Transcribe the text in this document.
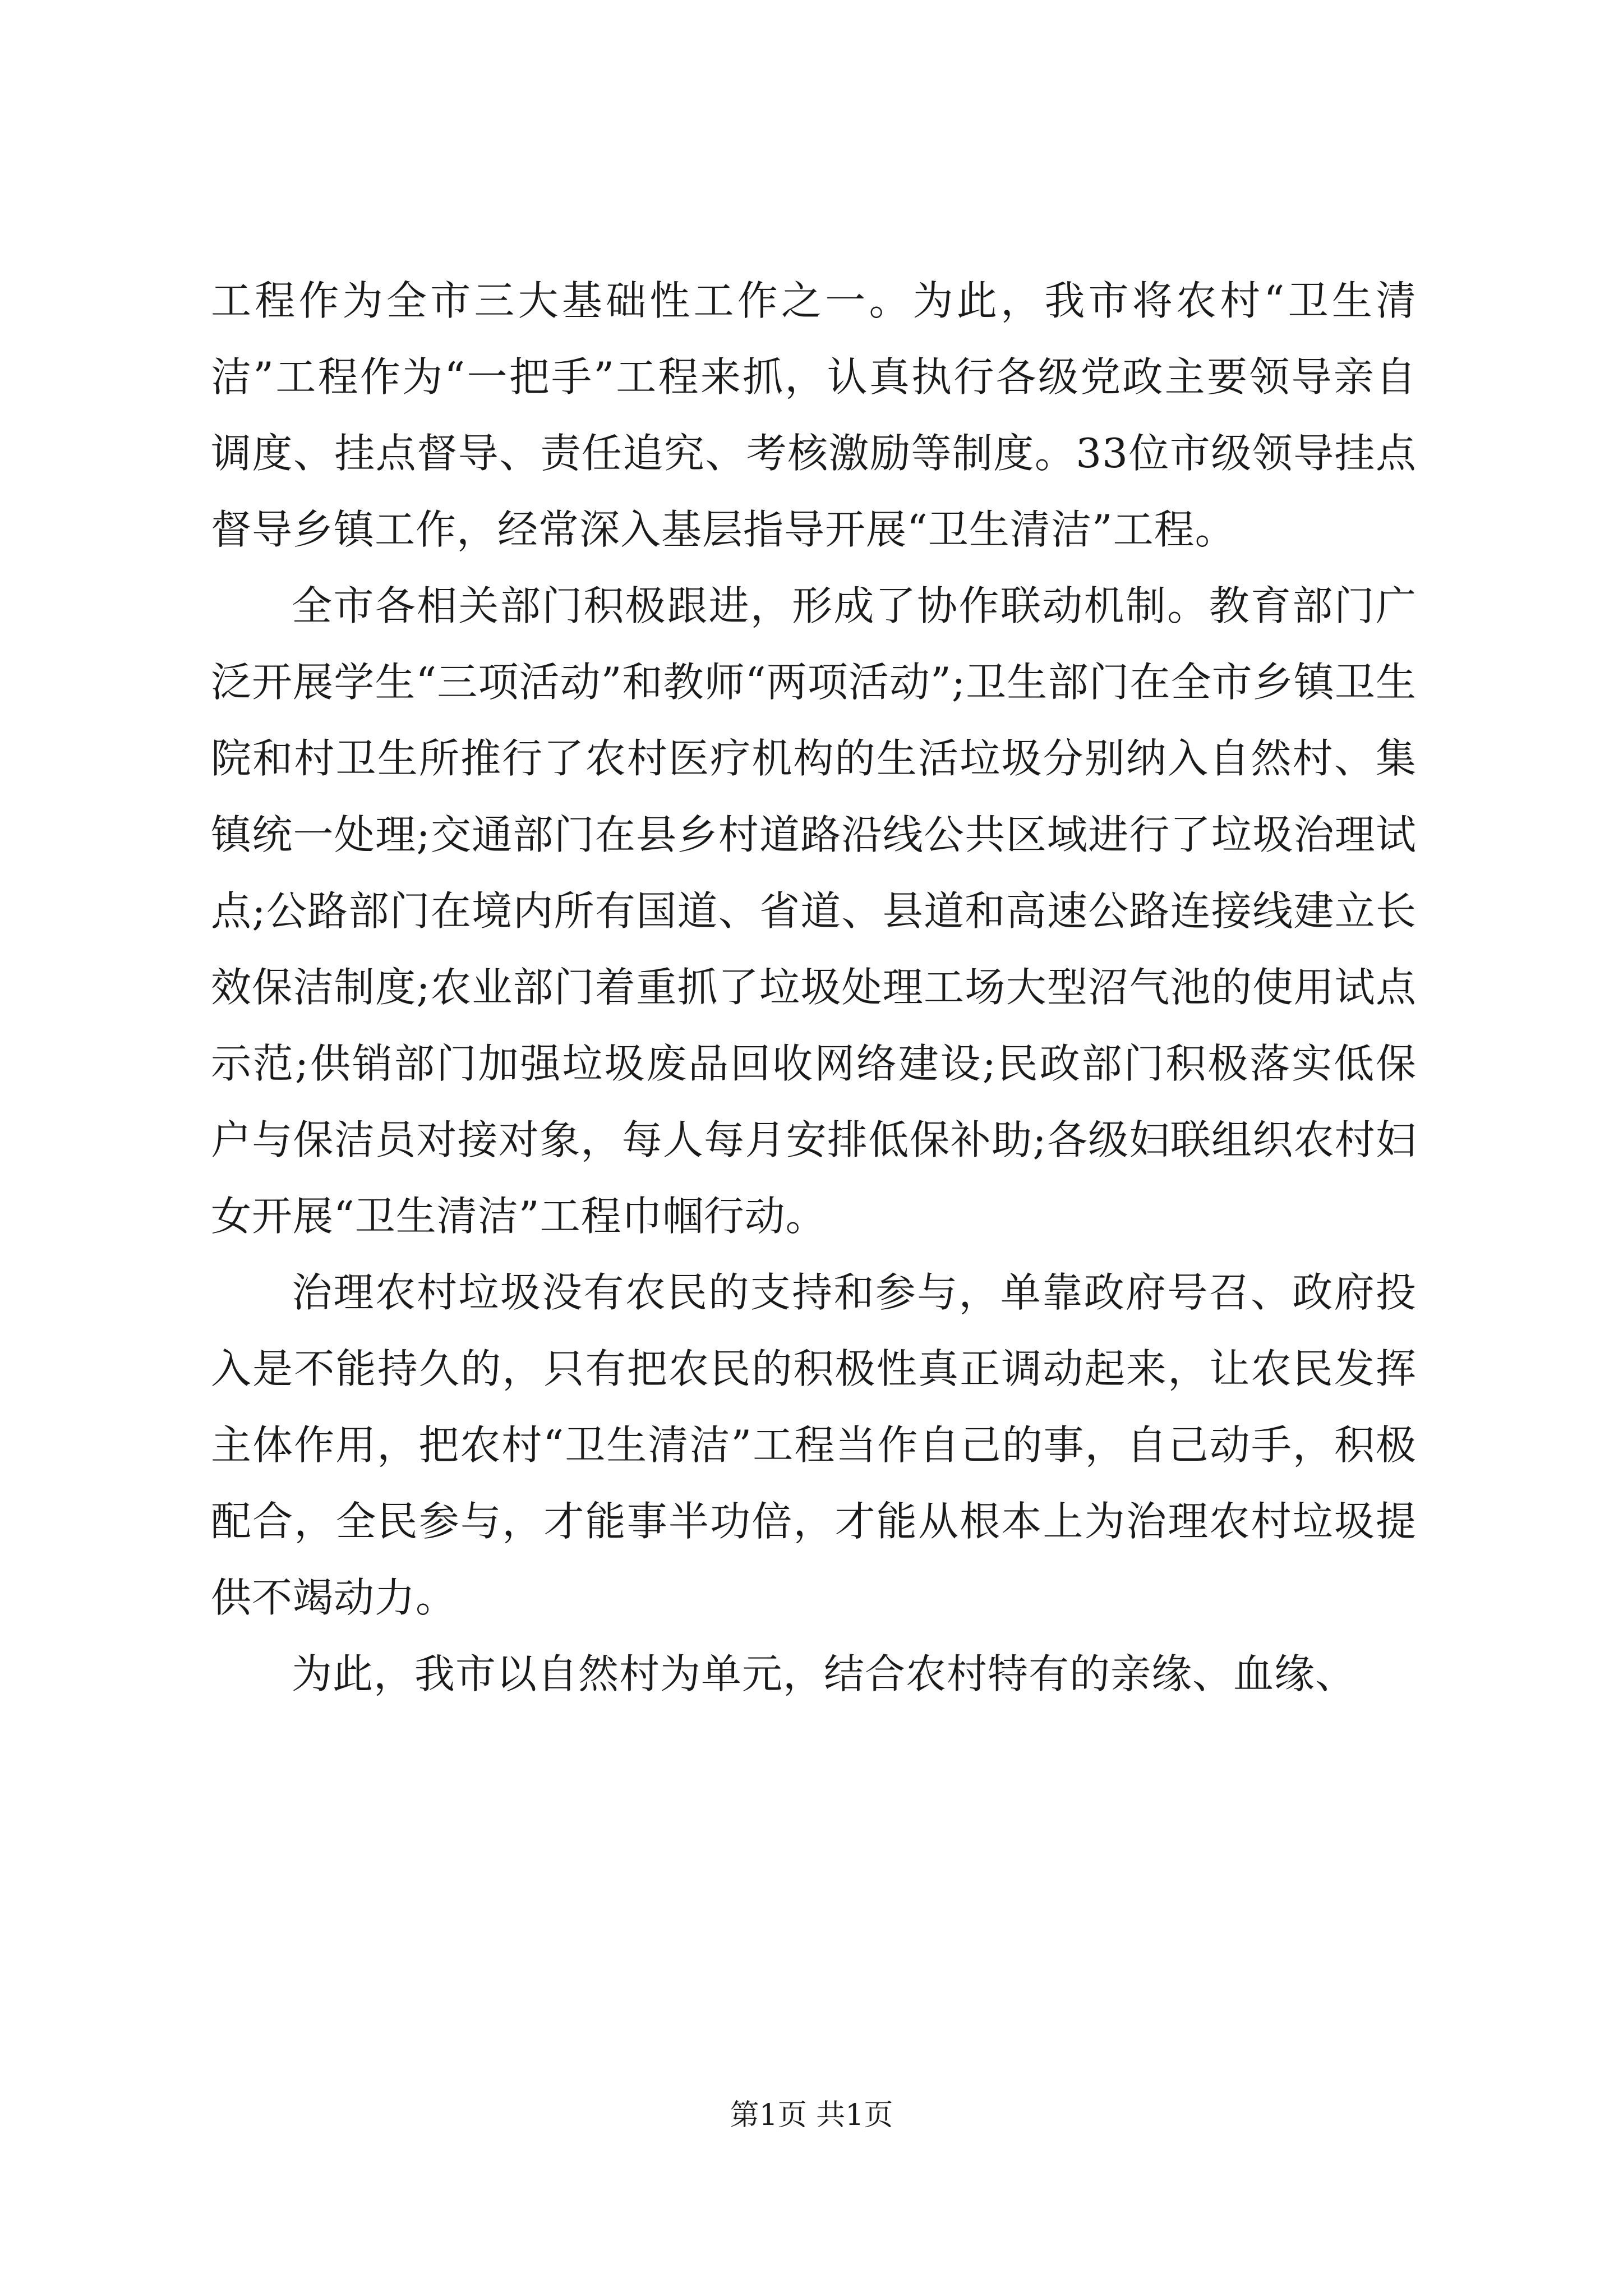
工程作为全市三大基础性工作之一。为此，我市将农村“卫生清洁”工程作为“一把手”工程来抓，认真执行各级党政主要领导亲自调度、挂点督导、责任追究、考核激励等制度。33位市级领导挂点督导乡镇工作，经常深入基层指导开展“卫生清洁”工程。

全市各相关部门积极跟进，形成了协作联动机制。教育部门广泛开展学生“三项活动”和教师“两项活动”;卫生部门在全市乡镇卫生院和村卫生所推行了农村医疗机构的生活垃圾分别纳入自然村、集镇统一处理;交通部门在县乡村道路沿线公共区域进行了垃圾治理试点;公路部门在境内所有国道、省道、县道和高速公路连接线建立长效保洁制度;农业部门着重抓了垃圾处理工场大型沼气池的使用试点示范;供销部门加强垃圾废品回收网络建设;民政部门积极落实低保户与保洁员对接对象，每人每月安排低保补助;各级妇联组织农村妇女开展“卫生清洁”工程巾帼行动。

治理农村垃圾没有农民的支持和参与，单靠政府号召、政府投入是不能持久的，只有把农民的积极性真正调动起来，让农民发挥主体作用，把农村“卫生清洁”工程当作自己的事，自己动手，积极配合，全民参与，才能事半功倍，才能从根本上为治理农村垃圾提供不竭动力。

为此，我市以自然村为单元，结合农村特有的亲缘、血缘、

第1页 共1页
